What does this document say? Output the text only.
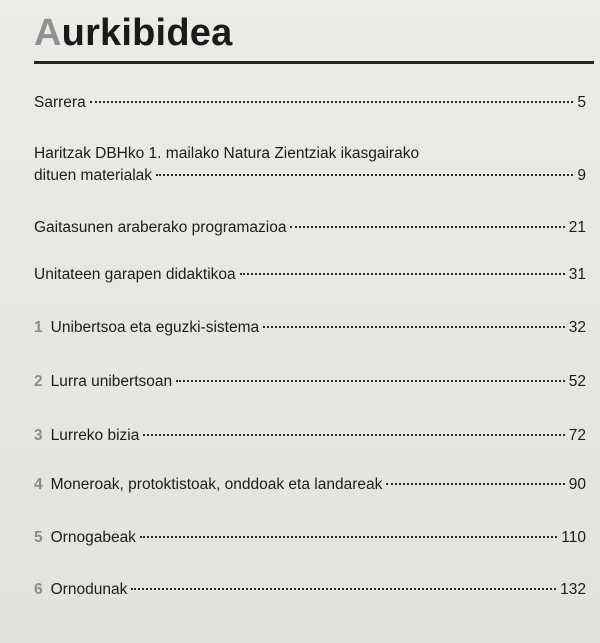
Aurkibidea
Sarrera	5
Haritzak DBHko 1. mailako Natura Zientziak ikasgairako
dituen materialak	9
Gaitasunen araberako programazioa	21
Unitateen garapen didaktikoa	31
1 Unibertsoa eta eguzki-sistema	32
2 Lurra unibertsoan	52
3 Lurreko bizia	72
4 Moneroak, protoktistoak, onddoak eta landareak	90
5 Ornogabeak	110
6 Ornodunak	132
